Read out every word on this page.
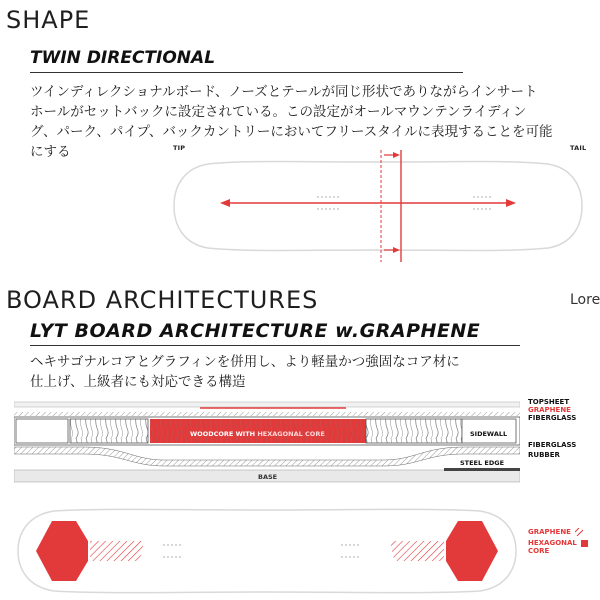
SHAPE
TWIN DIRECTIONAL
ツインディレクショナルボード、ノーズとテールが同じ形状でありながらインサート
ホールがセットバックに設定されている。この設定がオールマウンテンライディン
グ、パーク、パイプ、バックカントリーにおいてフリースタイルに表現することを可能
にする	TIP	TAIL
BOARD ARCHITECTURES	Lore
LYT BOARD ARCHITECTURE w.GRAPHENE
ヘキサゴナルコアとグラフィンを併用し、より軽量かつ強固なコア材に
仕上げ、上級者にも対応できる構造
WOODCORE WITH HEXAGONAL CORE	SIDEWALL
STEEL EDGE
BASE
TOPSHEET
GRAPHENE
FIBERGLASS
FIBERGLASS
RUBBER
GRAPHENE
HEXAGONAL
CORE
